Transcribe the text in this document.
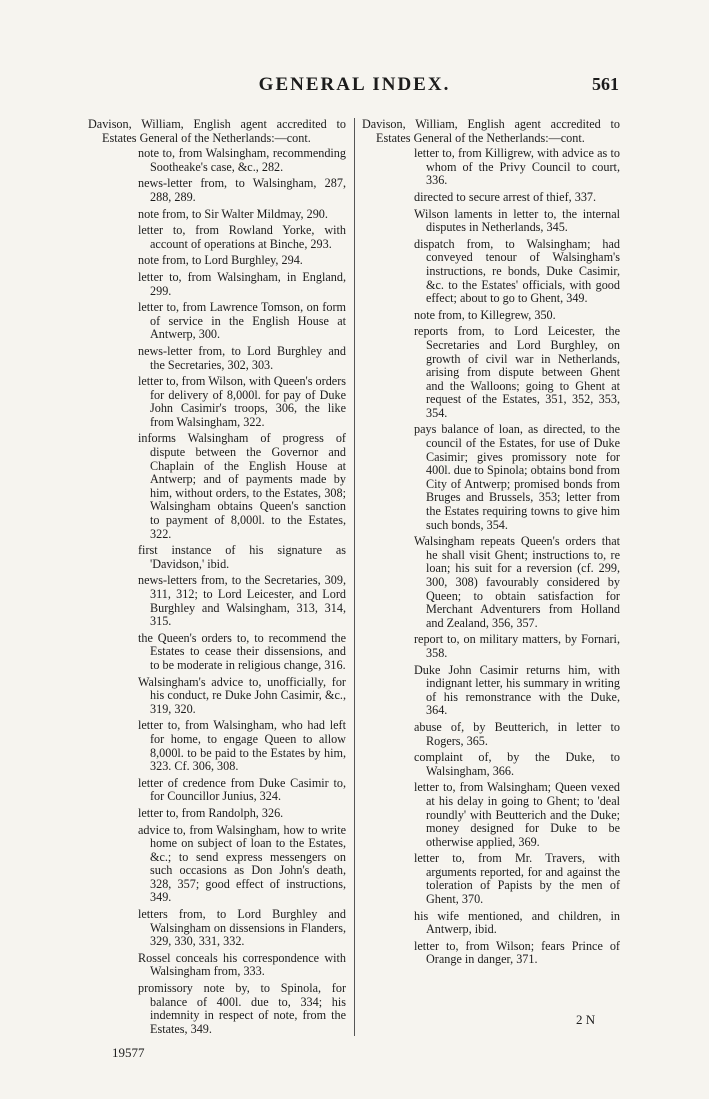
GENERAL INDEX.	561
Davison, William, English agent accredited to Estates General of the Netherlands:—cont.

note to, from Walsingham, recommending Sootheake's case, &c., 282.

news-letter from, to Walsingham, 287, 288, 289.

note from, to Sir Walter Mildmay, 290.

letter to, from Rowland Yorke, with account of operations at Binche, 293.

note from, to Lord Burghley, 294.

letter to, from Walsingham, in England, 299.

letter to, from Lawrence Tomson, on form of service in the English House at Antwerp, 300.

news-letter from, to Lord Burghley and the Secretaries, 302, 303.

letter to, from Wilson, with Queen's orders for delivery of 8,000l. for pay of Duke John Casimir's troops, 306, the like from Walsingham, 322.

informs Walsingham of progress of dispute between the Governor and Chaplain of the English House at Antwerp; and of payments made by him, without orders, to the Estates, 308; Walsingham obtains Queen's sanction to payment of 8,000l. to the Estates, 322.

first instance of his signature as 'Davidson,' ibid.

news-letters from, to the Secretaries, 309, 311, 312; to Lord Leicester, and Lord Burghley and Walsingham, 313, 314, 315.

the Queen's orders to, to recommend the Estates to cease their dissensions, and to be moderate in religious change, 316.

Walsingham's advice to, unofficially, for his conduct, re Duke John Casimir, &c., 319, 320.

letter to, from Walsingham, who had left for home, to engage Queen to allow 8,000l. to be paid to the Estates by him, 323. Cf. 306, 308.

letter of credence from Duke Casimir to, for Councillor Junius, 324.

letter to, from Randolph, 326.

advice to, from Walsingham, how to write home on subject of loan to the Estates, &c.; to send express messengers on such occasions as Don John's death, 328, 357; good effect of instructions, 349.

letters from, to Lord Burghley and Walsingham on dissensions in Flanders, 329, 330, 331, 332.

Rossel conceals his correspondence with Walsingham from, 333.

promissory note by, to Spinola, for balance of 400l. due to, 334; his indemnity in respect of note, from the Estates, 349.

Davison, William, English agent accredited to Estates General of the Netherlands:—cont.

letter to, from Killigrew, with advice as to whom of the Privy Council to court, 336.

directed to secure arrest of thief, 337.

Wilson laments in letter to, the internal disputes in Netherlands, 345.

dispatch from, to Walsingham; had conveyed tenour of Walsingham's instructions, re bonds, Duke Casimir, &c. to the Estates' officials, with good effect; about to go to Ghent, 349.

note from, to Killegrew, 350.

reports from, to Lord Leicester, the Secretaries and Lord Burghley, on growth of civil war in Netherlands, arising from dispute between Ghent and the Walloons; going to Ghent at request of the Estates, 351, 352, 353, 354.

pays balance of loan, as directed, to the council of the Estates, for use of Duke Casimir; gives promissory note for 400l. due to Spinola; obtains bond from City of Antwerp; promised bonds from Bruges and Brussels, 353; letter from the Estates requiring towns to give him such bonds, 354.

Walsingham repeats Queen's orders that he shall visit Ghent; instructions to, re loan; his suit for a reversion (cf. 299, 300, 308) favourably considered by Queen; to obtain satisfaction for Merchant Adventurers from Holland and Zealand, 356, 357.

report to, on military matters, by Fornari, 358.

Duke John Casimir returns him, with indignant letter, his summary in writing of his remonstrance with the Duke, 364.

abuse of, by Beutterich, in letter to Rogers, 365.

complaint of, by the Duke, to Walsingham, 366.

letter to, from Walsingham; Queen vexed at his delay in going to Ghent; to 'deal roundly' with Beutterich and the Duke; money designed for Duke to be otherwise applied, 369.

letter to, from Mr. Travers, with arguments reported, for and against the toleration of Papists by the men of Ghent, 370.

his wife mentioned, and children, in Antwerp, ibid.

letter to, from Wilson; fears Prince of Orange in danger, 371.

19577
2 N
